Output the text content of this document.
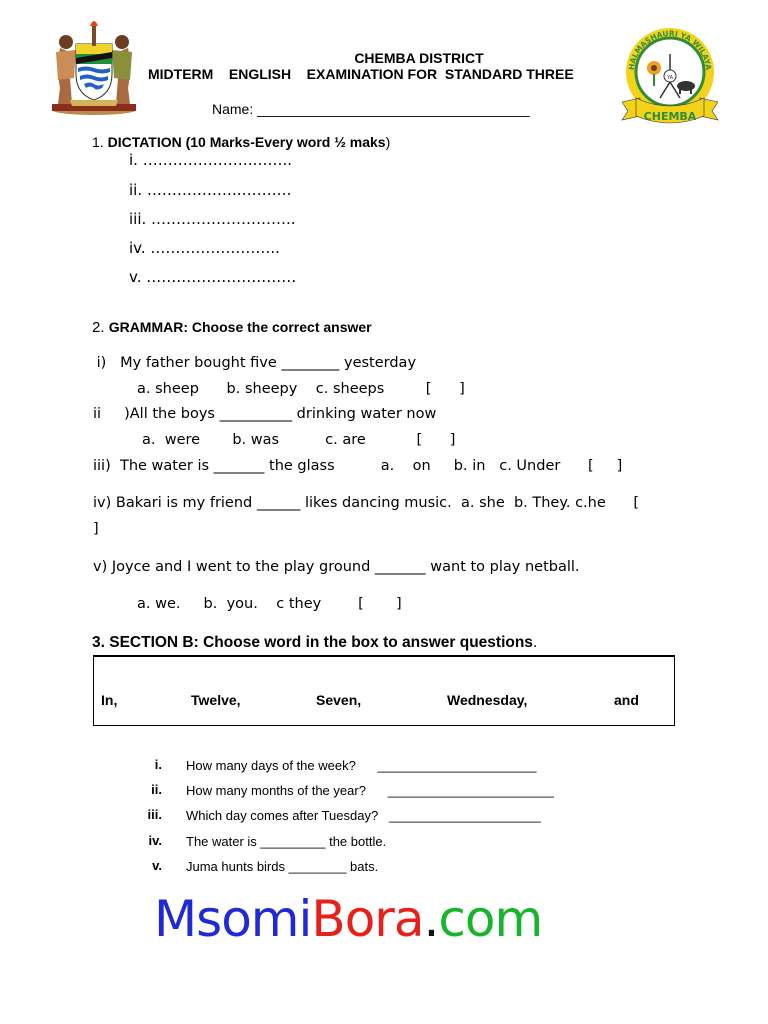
HALMASHAURI YA WILAYA
YA
CHEMBA
CHEMBA DISTRICT
MIDTERM    ENGLISH    EXAMINATION FOR  STANDARD THREE
Name: ___________________________________
1. DICTATION (10 Marks-Every word ½ maks)
i. ………………….……..
ii. ……………….……….
iii. ………………………..
iv. ……………………..
v. …………………………
2. GRAMMAR: Choose the correct answer
i)   My father bought five ________ yesterday
a. sheep      b. sheepy    c. sheeps         [      ]
ii     )All the boys __________ drinking water now
a.  were       b. was          c. are           [      ]
iii)  The water is _______ the glass          a.    on     b. in   c. Under      [     ]
iv) Bakari is my friend ______ likes dancing music.  a. she  b. They. c.he      [
]
v) Joyce and I went to the play ground _______ want to play netball.
a. we.     b.  you.    c they        [       ]
3. SECTION B: Choose word in the box to answer questions.
In,	Twelve,	Seven,	Wednesday,	and
i. How many days of the week?      ______________________
ii. How many months of the year?      _______________________
iii. Which day comes after Tuesday?   _____________________
iv. The water is _________ the bottle.
v. Juma hunts birds ________ bats.
MsomiBora.com
